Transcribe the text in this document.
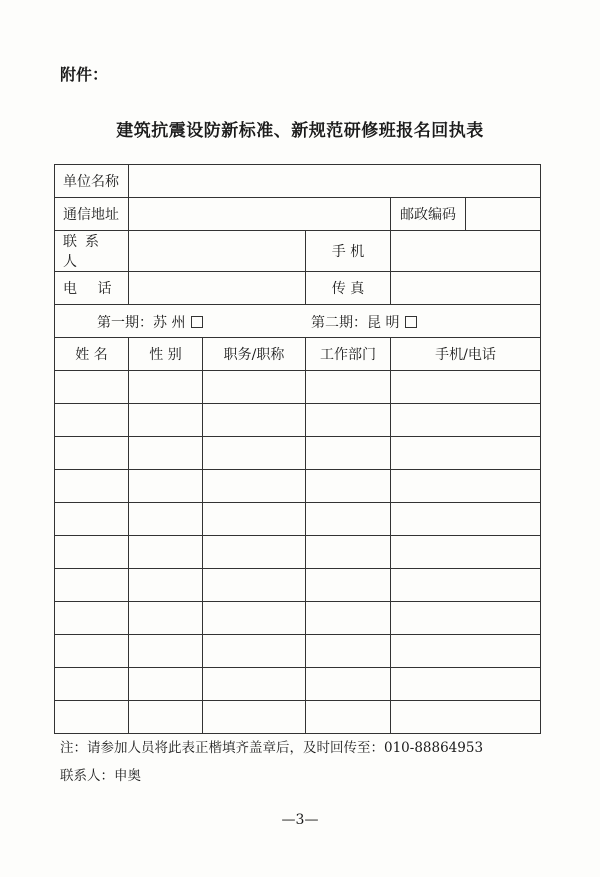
附件：
建筑抗震设防新标准、新规范研修班报名回执表
单位名称					
通信地址				邮政编码	
联系人			手 机		
电 话			传 真		

第一期：苏 州 第二期：昆 明					

姓 名	性 别	职务/职称	工作部门	手机/电话	

注：请参加人员将此表正楷填齐盖章后，及时回传至：010-88864953
联系人：申奥
—3—
